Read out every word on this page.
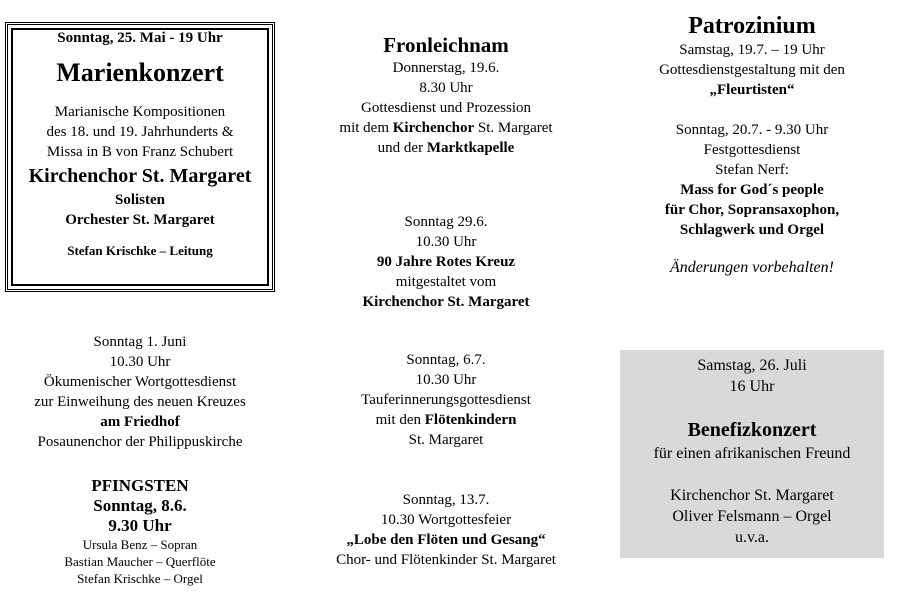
Sonntag, 25. Mai - 19 Uhr
Marienkonzert
Marianische Kompositionen
des 18. und 19. Jahrhunderts &
Missa in B von Franz Schubert
Kirchenchor St. Margaret
Solisten
Orchester St. Margaret
Stefan Krischke – Leitung
Sonntag 1. Juni
10.30 Uhr
Ökumenischer Wortgottesdienst
zur Einweihung des neuen Kreuzes
am Friedhof
Posaunenchor der Philippuskirche
PFINGSTEN
Sonntag, 8.6.
9.30 Uhr
Ursula Benz – Sopran
Bastian Maucher – Querflöte
Stefan Krischke – Orgel
Fronleichnam
Donnerstag, 19.6.
8.30 Uhr
Gottesdienst und Prozession
mit dem Kirchenchor St. Margaret
und der Marktkapelle
Sonntag 29.6.
10.30 Uhr
90 Jahre Rotes Kreuz
mitgestaltet vom
Kirchenchor St. Margaret
Sonntag, 6.7.
10.30 Uhr
Tauferinnerungsgottesdienst
mit den Flötenkindern
St. Margaret
Sonntag, 13.7.
10.30 Wortgottesfeier
„Lobe den Flöten und Gesang“
Chor- und Flötenkinder St. Margaret
Patrozinium
Samstag, 19.7. – 19 Uhr
Gottesdienstgestaltung mit den
„Fleurtisten“
Sonntag, 20.7. - 9.30 Uhr
Festgottesdienst
Stefan Nerf:
Mass for God´s people
für Chor, Sopransaxophon,
Schlagwerk und Orgel
Änderungen vorbehalten!
Samstag, 26. Juli
16 Uhr
Benefizkonzert
für einen afrikanischen Freund
Kirchenchor St. Margaret
Oliver Felsmann – Orgel
u.v.a.
